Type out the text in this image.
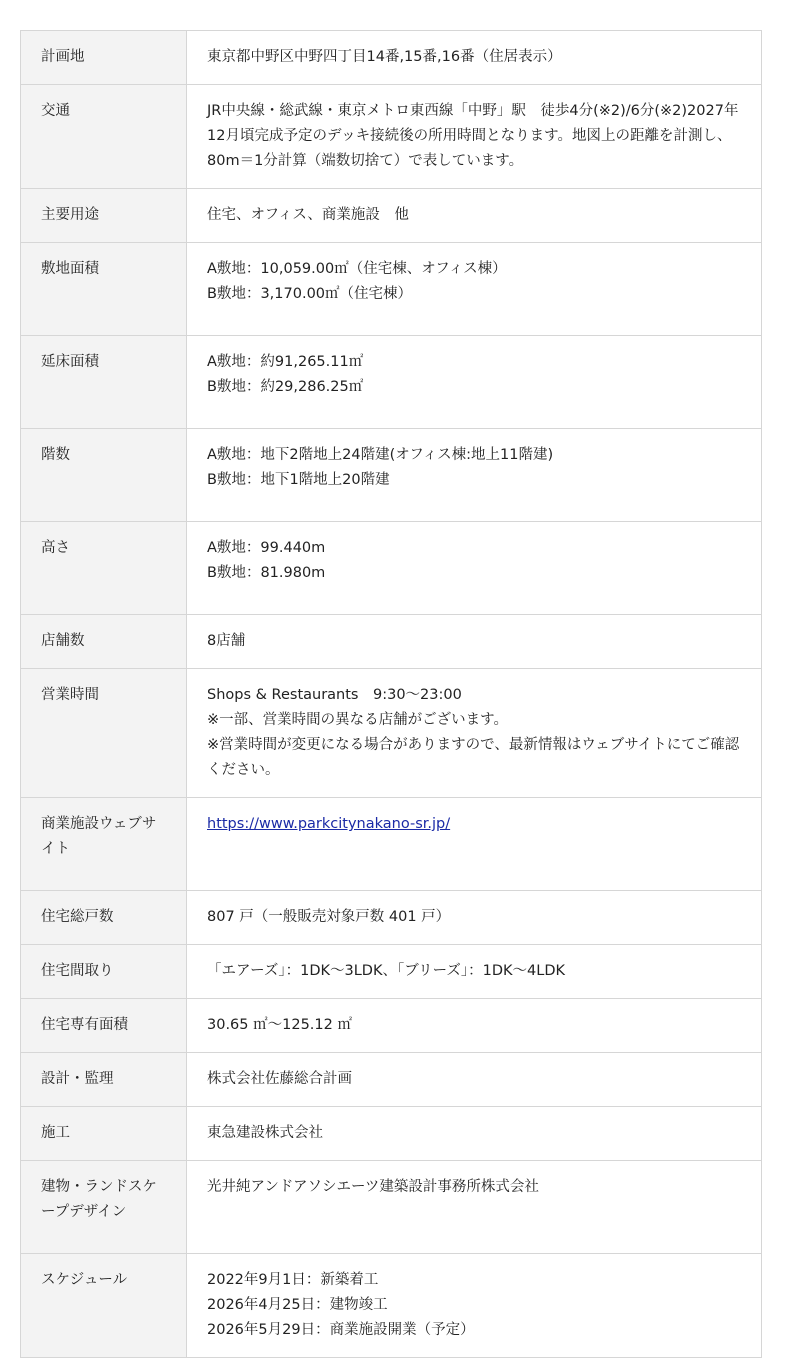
計画地	東京都中野区中野四丁目14番,15番,16番（住居表示）

交通	JR中央線・総武線・東京メトロ東西線「中野」駅　徒歩4分(※2)/6分(※2)2027年12月頃完成予定のデッキ接続後の所用時間となります。地図上の距離を計測し、80m＝1分計算（端数切捨て）で表しています。

主要用途	住宅、オフィス、商業施設　他

敷地面積	A敷地：10,059.00㎡（住宅棟、オフィス棟）
B敷地：3,170.00㎡（住宅棟）

延床面積	A敷地：約91,265.11㎡
B敷地：約29,286.25㎡

階数	A敷地：地下2階地上24階建(オフィス棟:地上11階建)
B敷地：地下1階地上20階建

高さ	A敷地：99.440m
B敷地：81.980m

店舗数	8店舗

営業時間	Shops & Restaurants　9:30〜23:00
※一部、営業時間の異なる店舗がございます。
※営業時間が変更になる場合がありますので、最新情報はウェブサイトにてご確認ください。

商業施設ウェブサイト	https://www.parkcitynakano-sr.jp/
住宅総戸数	807 戸（一般販売対象戸数 401 戸）

住宅間取り	「エアーズ」：1DK〜3LDK、「ブリーズ」：1DK〜4LDK

住宅専有面積	30.65 ㎡〜125.12 ㎡

設計・監理	株式会社佐藤総合計画

施工	東急建設株式会社

建物・ランドスケープデザイン	光井純アンドアソシエーツ建築設計事務所株式会社

スケジュール	2022年9月1日：新築着工
2026年4月25日：建物竣工
2026年5月29日：商業施設開業（予定）
